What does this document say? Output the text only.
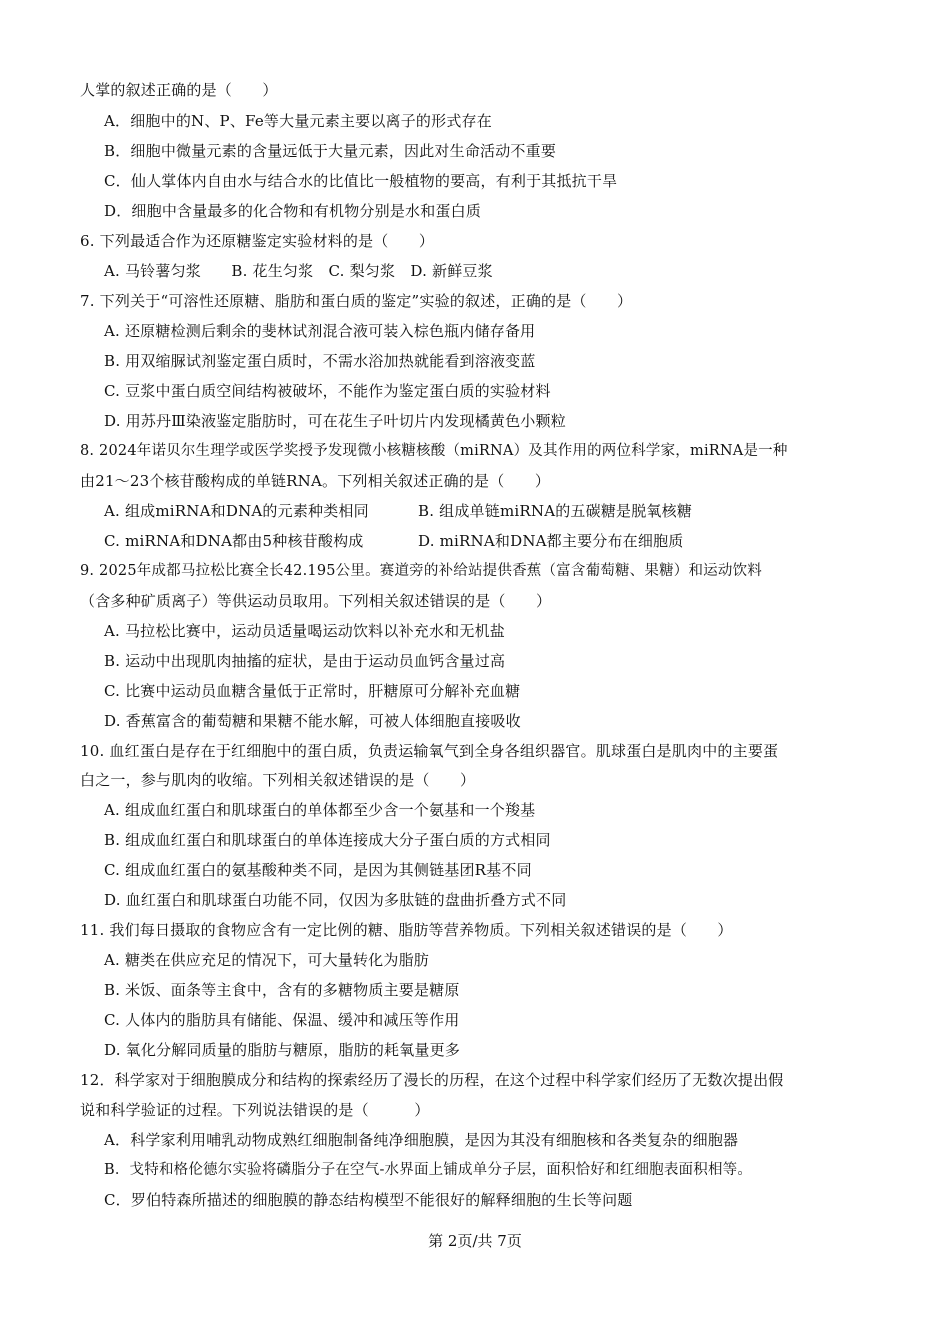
人掌的叙述正确的是（　　）
A．细胞中的N、P、Fe等大量元素主要以离子的形式存在
B．细胞中微量元素的含量远低于大量元素，因此对生命活动不重要
C．仙人掌体内自由水与结合水的比值比一般植物的要高，有利于其抵抗干旱
D．细胞中含量最多的化合物和有机物分别是水和蛋白质
6. 下列最适合作为还原糖鉴定实验材料的是（　　）
A. 马铃薯匀浆　　B. 花生匀浆　C. 梨匀浆　D. 新鲜豆浆
7. 下列关于“可溶性还原糖、脂肪和蛋白质的鉴定”实验的叙述，正确的是（　　）
A. 还原糖检测后剩余的斐林试剂混合液可装入棕色瓶内储存备用
B. 用双缩脲试剂鉴定蛋白质时，不需水浴加热就能看到溶液变蓝
C. 豆浆中蛋白质空间结构被破坏，不能作为鉴定蛋白质的实验材料
D. 用苏丹Ⅲ染液鉴定脂肪时，可在花生子叶切片内发现橘黄色小颗粒
8. 2024年诺贝尔生理学或医学奖授予发现微小核糖核酸（miRNA）及其作用的两位科学家，miRNA是一种
由21～23个核苷酸构成的单链RNA。下列相关叙述正确的是（　　）
A. 组成miRNA和DNA的元素种类相同	B. 组成单链miRNA的五碳糖是脱氧核糖
C. miRNA和DNA都由5种核苷酸构成	D. miRNA和DNA都主要分布在细胞质
9. 2025年成都马拉松比赛全长42.195公里。赛道旁的补给站提供香蕉（富含葡萄糖、果糖）和运动饮料
（含多种矿质离子）等供运动员取用。下列相关叙述错误的是（　　）
A. 马拉松比赛中，运动员适量喝运动饮料以补充水和无机盐
B. 运动中出现肌肉抽搐的症状，是由于运动员血钙含量过高
C. 比赛中运动员血糖含量低于正常时，肝糖原可分解补充血糖
D. 香蕉富含的葡萄糖和果糖不能水解，可被人体细胞直接吸收
10. 血红蛋白是存在于红细胞中的蛋白质，负责运输氧气到全身各组织器官。肌球蛋白是肌肉中的主要蛋
白之一，参与肌肉的收缩。下列相关叙述错误的是（　　）
A. 组成血红蛋白和肌球蛋白的单体都至少含一个氨基和一个羧基
B. 组成血红蛋白和肌球蛋白的单体连接成大分子蛋白质的方式相同
C. 组成血红蛋白的氨基酸种类不同，是因为其侧链基团R基不同
D. 血红蛋白和肌球蛋白功能不同，仅因为多肽链的盘曲折叠方式不同
11. 我们每日摄取的食物应含有一定比例的糖、脂肪等营养物质。下列相关叙述错误的是（　　）
A. 糖类在供应充足的情况下，可大量转化为脂肪
B. 米饭、面条等主食中，含有的多糖物质主要是糖原
C. 人体内的脂肪具有储能、保温、缓冲和减压等作用
D. 氧化分解同质量的脂肪与糖原，脂肪的耗氧量更多
12．科学家对于细胞膜成分和结构的探索经历了漫长的历程，在这个过程中科学家们经历了无数次提出假
说和科学验证的过程。下列说法错误的是（　　　）
A．科学家利用哺乳动物成熟红细胞制备纯净细胞膜，是因为其没有细胞核和各类复杂的细胞器
B．戈特和格伦德尔实验将磷脂分子在空气-水界面上铺成单分子层，面积恰好和红细胞表面积相等。
C．罗伯特森所描述的细胞膜的静态结构模型不能很好的解释细胞的生长等问题
第 2页/共 7页
